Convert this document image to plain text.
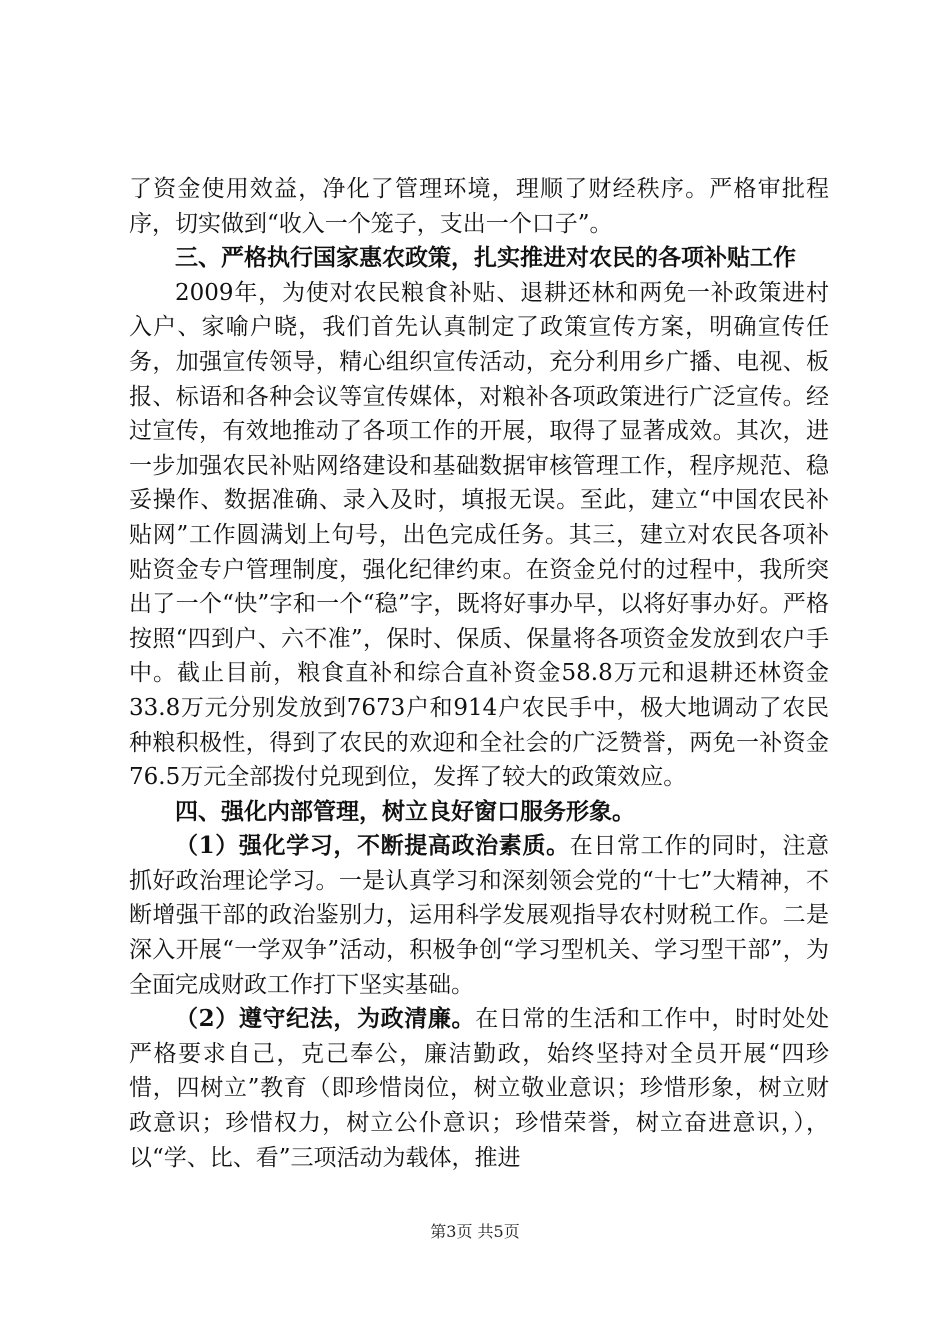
了资金使用效益，净化了管理环境，理顺了财经秩序。严格审批程序，切实做到“收入一个笼子，支出一个口子”。

三、严格执行国家惠农政策，扎实推进对农民的各项补贴工作

2009年，为使对农民粮食补贴、退耕还林和两免一补政策进村入户、家喻户晓，我们首先认真制定了政策宣传方案，明确宣传任务，加强宣传领导，精心组织宣传活动，充分利用乡广播、电视、板报、标语和各种会议等宣传媒体，对粮补各项政策进行广泛宣传。经过宣传，有效地推动了各项工作的开展，取得了显著成效。其次，进一步加强农民补贴网络建设和基础数据审核管理工作，程序规范、稳妥操作、数据准确、录入及时，填报无误。至此，建立“中国农民补贴网”工作圆满划上句号，出色完成任务。其三，建立对农民各项补贴资金专户管理制度，强化纪律约束。在资金兑付的过程中，我所突出了一个“快”字和一个“稳”字，既将好事办早，以将好事办好。严格按照“四到户、六不准”，保时、保质、保量将各项资金发放到农户手中。截止目前，粮食直补和综合直补资金58.8万元和退耕还林资金33.8万元分别发放到7673户和914户农民手中，极大地调动了农民种粮积极性，得到了农民的欢迎和全社会的广泛赞誉，两免一补资金76.5万元全部拨付兑现到位，发挥了较大的政策效应。

四、强化内部管理，树立良好窗口服务形象。

（1）强化学习，不断提高政治素质。在日常工作的同时，注意抓好政治理论学习。一是认真学习和深刻领会党的“十七”大精神，不断增强干部的政治鉴别力，运用科学发展观指导农村财税工作。二是深入开展“一学双争”活动，积极争创“学习型机关、学习型干部”，为全面完成财政工作打下坚实基础。

（2）遵守纪法，为政清廉。在日常的生活和工作中，时时处处严格要求自己，克己奉公，廉洁勤政，始终坚持对全员开展“四珍惜，四树立”教育（即珍惜岗位，树立敬业意识；珍惜形象，树立财政意识；珍惜权力，树立公仆意识；珍惜荣誉，树立奋进意识，），以“学、比、看”三项活动为载体，推进

第3页 共5页
